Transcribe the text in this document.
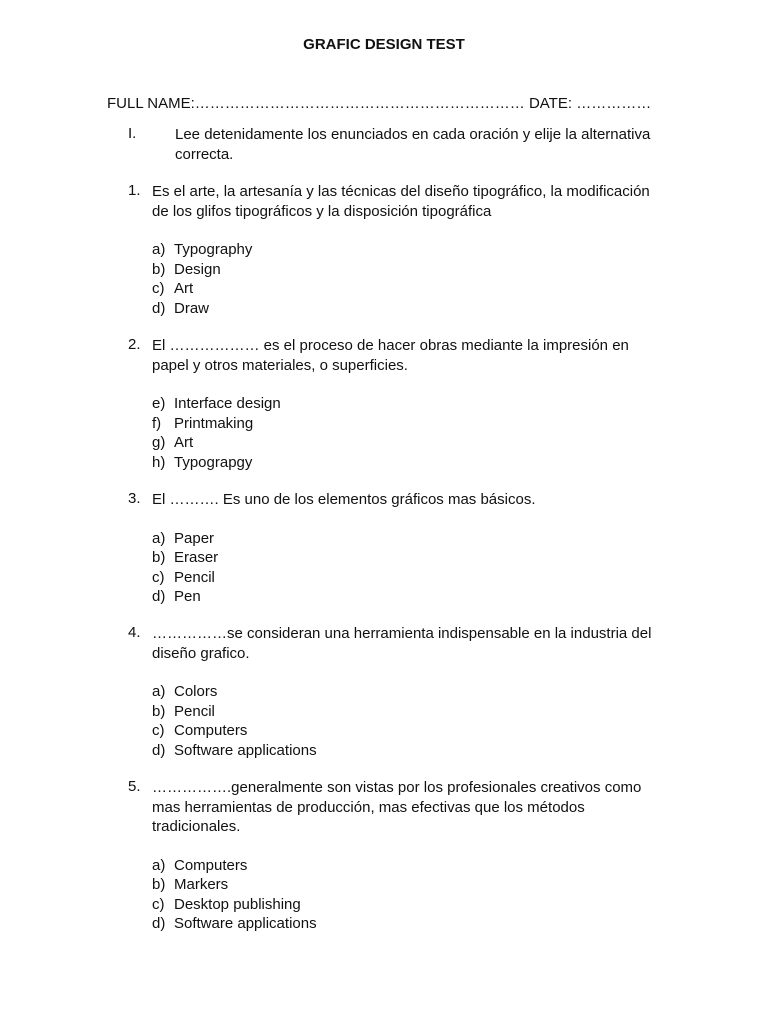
GRAFIC DESIGN TEST
FULL NAME:………………………………………………………… DATE: ……………
I.	Lee detenidamente los enunciados en cada oración y elije la alternativa correcta.
1. Es el arte, la artesanía y las técnicas del diseño tipográfico, la modificación de los glifos tipográficos y la disposición tipográfica
a) Typography
b) Design
c) Art
d) Draw
2. El ……………… es el proceso de hacer obras mediante la impresión en papel y otros materiales, o superficies.
e) Interface design
f) Printmaking
g) Art
h) Typograpgy
3. El ………. Es uno de los elementos gráficos mas básicos.
a) Paper
b) Eraser
c) Pencil
d) Pen
4. ……………se consideran una herramienta indispensable en la industria del diseño grafico.
a) Colors
b) Pencil
c) Computers
d) Software applications
5. …………….generalmente son vistas por los profesionales creativos como mas herramientas de producción, mas efectivas que los métodos tradicionales.
a) Computers
b) Markers
c) Desktop publishing
d) Software applications
